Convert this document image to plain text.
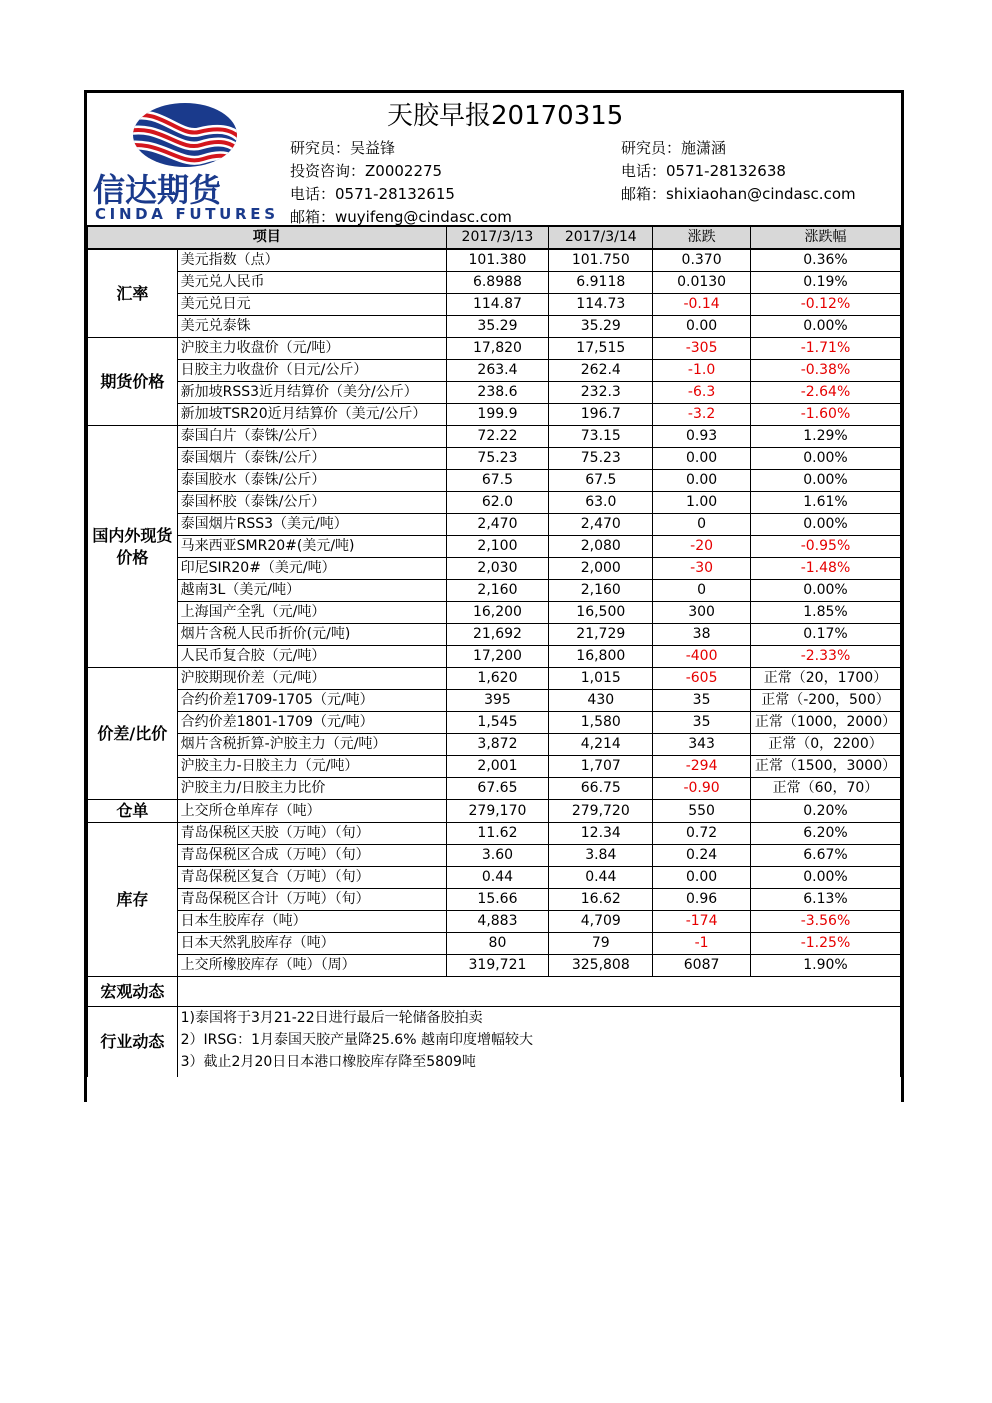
信达期货
CINDA FUTURES
天胶早报20170315
研究员：吴益锋
投资咨询：Z0002275
电话：0571-28132615
邮箱：wuyifeng@cindasc.com
研究员：施潇涵
电话：0571-28132638
邮箱：shixiaohan@cindasc.com
项目		2017/3/13	2017/3/14	涨跌	涨跌幅
汇率	美元指数（点）	101.380	101.750	0.370	0.36%
	美元兑人民币	6.8988	6.9118	0.0130	0.19%
	美元兑日元	114.87	114.73	-0.14	-0.12%
	美元兑泰铢	35.29	35.29	0.00	0.00%
期货价格	沪胶主力收盘价（元/吨）	17,820	17,515	-305	-1.71%
	日胶主力收盘价（日元/公斤）	263.4	262.4	-1.0	-0.38%
	新加坡RSS3近月结算价（美分/公斤）	238.6	232.3	-6.3	-2.64%
	新加坡TSR20近月结算价（美元/公斤）	199.9	196.7	-3.2	-1.60%
国内外现货价格	泰国白片（泰铢/公斤）	72.22	73.15	0.93	1.29%
	泰国烟片（泰铢/公斤）	75.23	75.23	0.00	0.00%
	泰国胶水（泰铢/公斤）	67.5	67.5	0.00	0.00%
	泰国杯胶（泰铢/公斤）	62.0	63.0	1.00	1.61%
	泰国烟片RSS3（美元/吨）	2,470	2,470	0	0.00%
	马来西亚SMR20#(美元/吨)	2,100	2,080	-20	-0.95%
	印尼SIR20#（美元/吨）	2,030	2,000	-30	-1.48%
	越南3L（美元/吨）	2,160	2,160	0	0.00%
	上海国产全乳（元/吨）	16,200	16,500	300	1.85%
	烟片含税人民币折价(元/吨)	21,692	21,729	38	0.17%
	人民币复合胶（元/吨）	17,200	16,800	-400	-2.33%
价差/比价	沪胶期现价差（元/吨）	1,620	1,015	-605	正常（20，1700）
	合约价差1709-1705（元/吨）	395	430	35	正常（-200，500）
	合约价差1801-1709（元/吨）	1,545	1,580	35	正常（1000，2000）
	烟片含税折算-沪胶主力（元/吨）	3,872	4,214	343	正常（0，2200）
	沪胶主力-日胶主力（元/吨）	2,001	1,707	-294	正常（1500，3000）
	沪胶主力/日胶主力比价	67.65	66.75	-0.90	正常（60，70）
仓单	上交所仓单库存（吨）	279,170	279,720	550	0.20%
库存	青岛保税区天胶（万吨）（旬）	11.62	12.34	0.72	6.20%
	青岛保税区合成（万吨）（旬）	3.60	3.84	0.24	6.67%
	青岛保税区复合（万吨）（旬）	0.44	0.44	0.00	0.00%
	青岛保税区合计（万吨）（旬）	15.66	16.62	0.96	6.13%
	日本生胶库存（吨）	4,883	4,709	-174	-3.56%
	日本天然乳胶库存（吨）	80	79	-1	-1.25%
	上交所橡胶库存（吨）（周）	319,721	325,808	6087	1.90%
宏观动态					
行业动态	1)泰国将于3月21-22日进行最后一轮储备胶拍卖
2）IRSG：1月泰国天胶产量降25.6% 越南印度增幅较大
3）截止2月20日日本港口橡胶库存降至5809吨				
